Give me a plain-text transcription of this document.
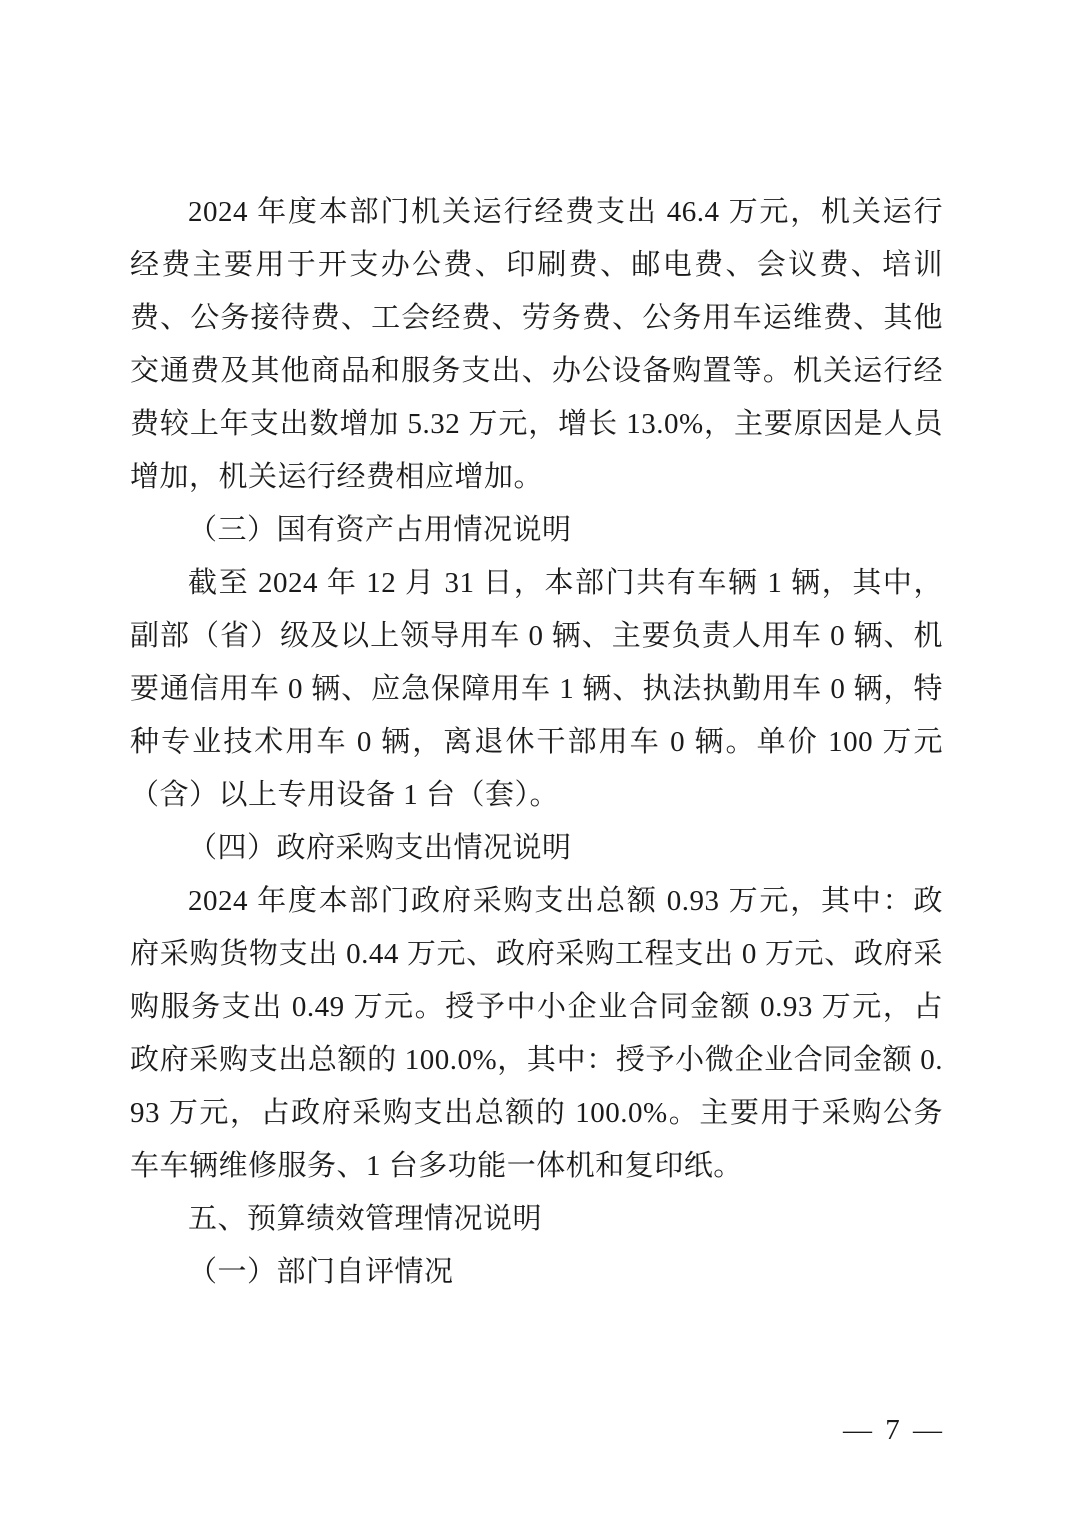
2024 年度本部门机关运行经费支出 46.4 万元，机关运行经费主要用于开支办公费、印刷费、邮电费、会议费、培训费、公务接待费、工会经费、劳务费、公务用车运维费、其他交通费及其他商品和服务支出、办公设备购置等。机关运行经费较上年支出数增加 5.32 万元，增长 13.0%，主要原因是人员增加，机关运行经费相应增加。

（三）国有资产占用情况说明

截至 2024 年 12 月 31 日，本部门共有车辆 1 辆，其中，副部（省）级及以上领导用车 0 辆、主要负责人用车 0 辆、机要通信用车 0 辆、应急保障用车 1 辆、执法执勤用车 0 辆，特种专业技术用车 0 辆，离退休干部用车 0 辆。单价 100 万元（含）以上专用设备 1 台（套）。

（四）政府采购支出情况说明

2024 年度本部门政府采购支出总额 0.93 万元，其中：政府采购货物支出 0.44 万元、政府采购工程支出 0 万元、政府采购服务支出 0.49 万元。授予中小企业合同金额 0.93 万元，占政府采购支出总额的 100.0%，其中：授予小微企业合同金额 0.93 万元，占政府采购支出总额的 100.0%。主要用于采购公务车车辆维修服务、1 台多功能一体机和复印纸。

五、预算绩效管理情况说明
（一）部门自评情况
— 7 —
